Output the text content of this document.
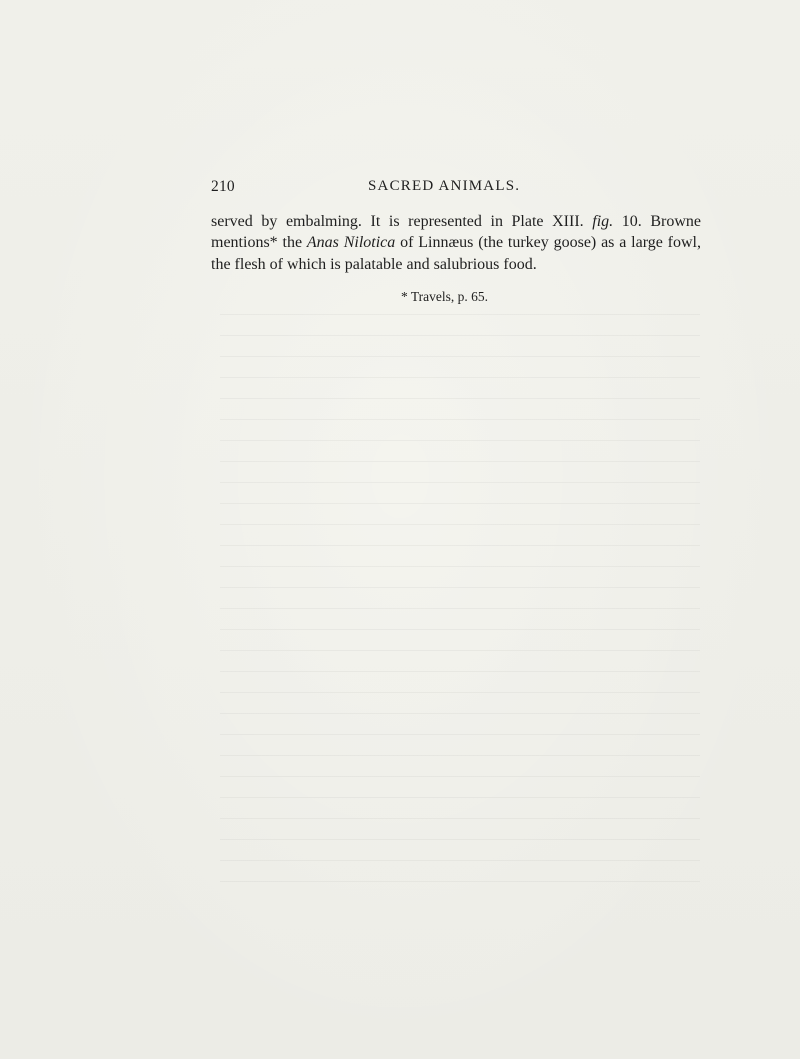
210	SACRED ANIMALS.
served by embalming. It is represented in Plate XIII. fig. 10. Browne
mentions* the Anas Nilotica of Linnæus (the turkey goose) as a large fowl,
the flesh of which is palatable and salubrious food.
* Travels, p. 65.
